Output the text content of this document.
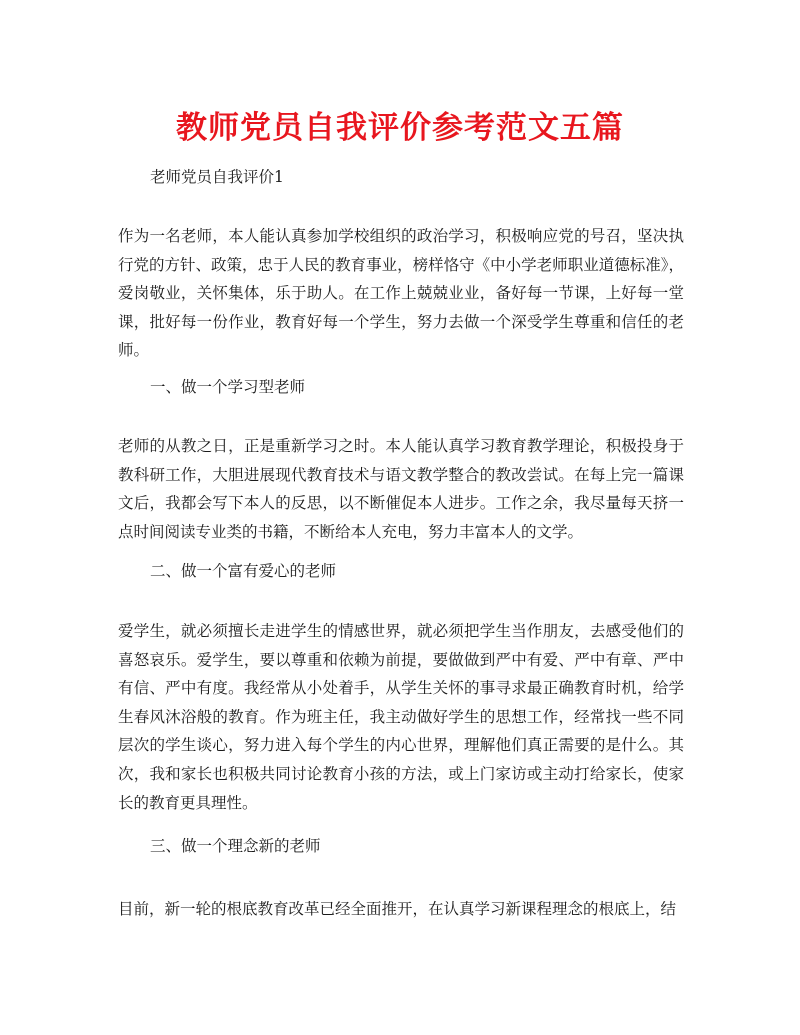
教师党员自我评价参考范文五篇

老师党员自我评价1

作为一名老师，本人能认真参加学校组织的政治学习，积极响应党的号召，坚决执行党的方针、政策，忠于人民的教育事业，榜样恪守《中小学老师职业道德标准》，爱岗敬业，关怀集体，乐于助人。在工作上兢兢业业，备好每一节课，上好每一堂课，批好每一份作业，教育好每一个学生，努力去做一个深受学生尊重和信任的老师。

一、做一个学习型老师

老师的从教之日，正是重新学习之时。本人能认真学习教育教学理论，积极投身于教科研工作，大胆进展现代教育技术与语文教学整合的教改尝试。在每上完一篇课文后，我都会写下本人的反思，以不断催促本人进步。工作之余，我尽量每天挤一点时间阅读专业类的书籍，不断给本人充电，努力丰富本人的文学。

二、做一个富有爱心的老师

爱学生，就必须擅长走进学生的情感世界，就必须把学生当作朋友，去感受他们的喜怒哀乐。爱学生，要以尊重和依赖为前提，要做做到严中有爱、严中有章、严中有信、严中有度。我经常从小处着手，从学生关怀的事寻求最正确教育时机，给学生春风沐浴般的教育。作为班主任，我主动做好学生的思想工作，经常找一些不同层次的学生谈心，努力进入每个学生的内心世界，理解他们真正需要的是什么。其次，我和家长也积极共同讨论教育小孩的方法，或上门家访或主动打给家长，使家长的教育更具理性。

三、做一个理念新的老师

目前，新一轮的根底教育改革已经全面推开，在认真学习新课程理念的根底上，结
